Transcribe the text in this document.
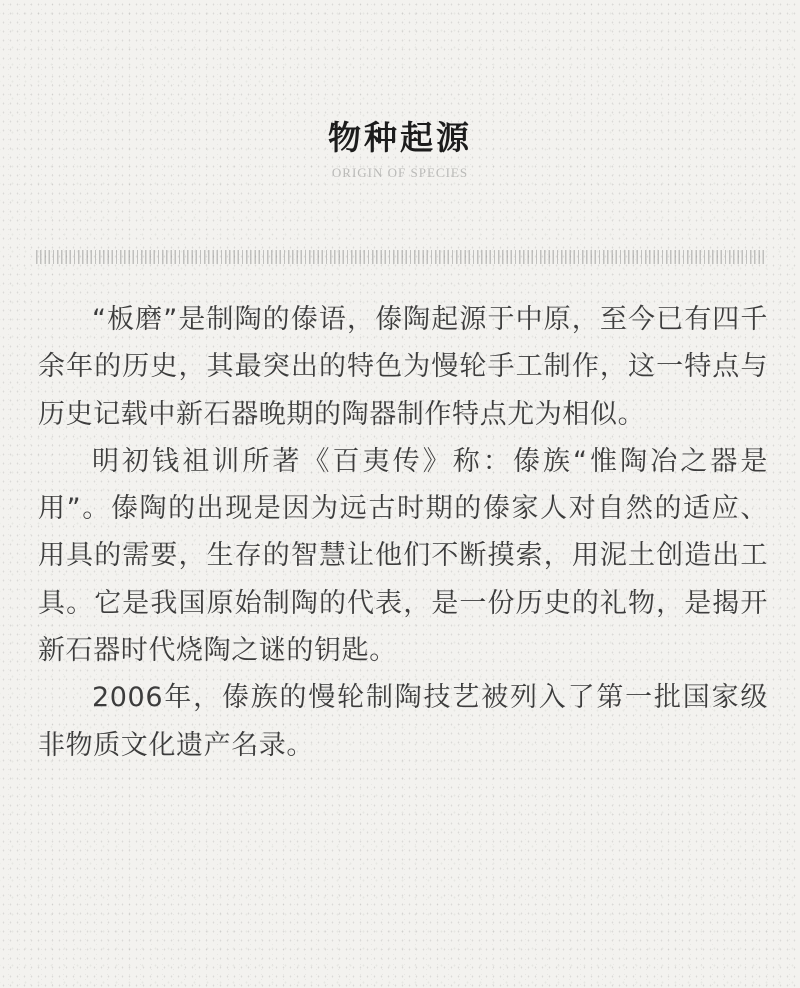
物种起源
ORIGIN OF SPECIES

“板磨”是制陶的傣语，傣陶起源于中原，至今已有四千余年的历史，其最突出的特色为慢轮手工制作，这一特点与历史记载中新石器晚期的陶器制作特点尤为相似。

明初钱祖训所著《百夷传》称：傣族“惟陶冶之器是用”。傣陶的出现是因为远古时期的傣家人对自然的适应、用具的需要，生存的智慧让他们不断摸索，用泥土创造出工具。它是我国原始制陶的代表，是一份历史的礼物，是揭开新石器时代烧陶之谜的钥匙。

2006年，傣族的慢轮制陶技艺被列入了第一批国家级非物质文化遗产名录。
